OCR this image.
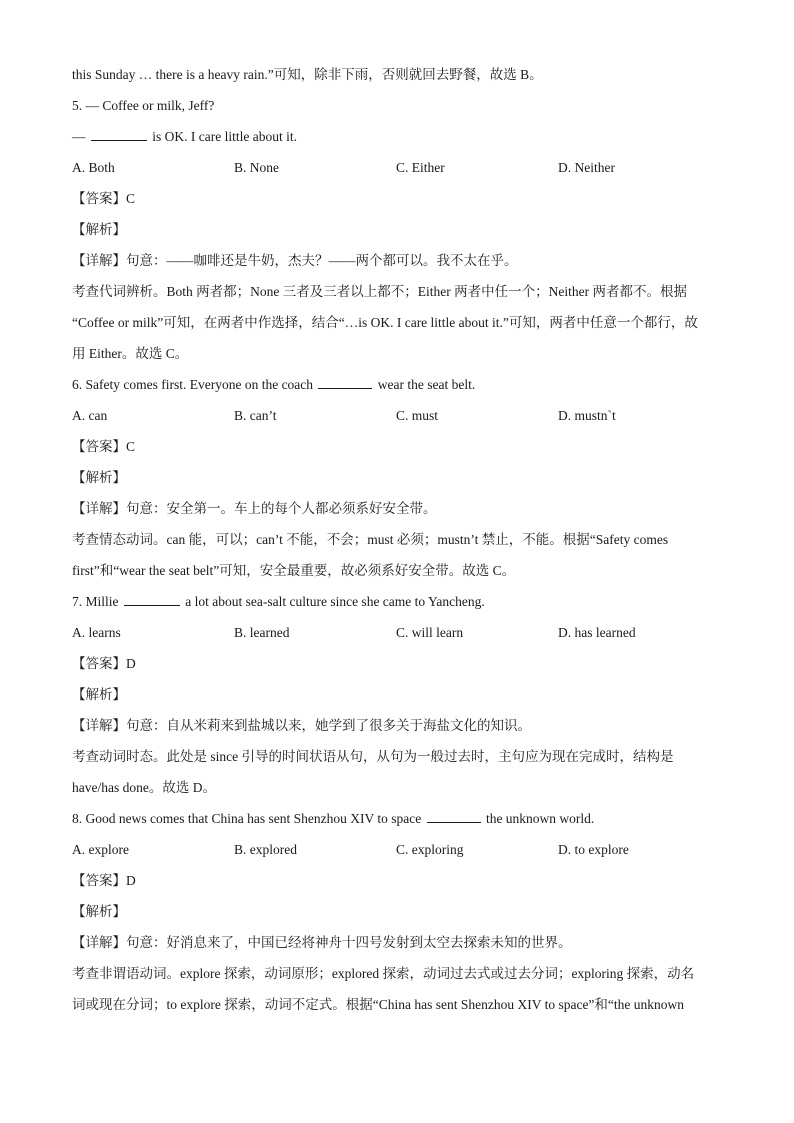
this Sunday … there is a heavy rain.”可知，除非下雨，否则就回去野餐，故选 B。
5. — Coffee or milk, Jeff?
—	is OK. I care little about it.
A. Both	B. None	C. Either	D. Neither
【答案】C
【解析】
【详解】句意：——咖啡还是牛奶，杰夫？——两个都可以。我不太在乎。
考查代词辨析。Both 两者都；None 三者及三者以上都不；Either 两者中任一个；Neither 两者都不。根据
“Coffee or milk”可知，在两者中作选择，结合“…is OK. I care little about it.”可知，两者中任意一个都行，故
用 Either。故选 C。
6. Safety comes first. Everyone on the coach	wear the seat belt.
A. can	B. can’t	C. must	D. mustn`t
【答案】C
【解析】
【详解】句意：安全第一。车上的每个人都必须系好安全带。
考查情态动词。can 能，可以；can’t 不能，不会；must 必须；mustn’t 禁止，不能。根据“Safety comes
first”和“wear the seat belt”可知，安全最重要，故必须系好安全带。故选 C。
7. Millie	a lot about sea-salt culture since she came to Yancheng.
A. learns	B. learned	C. will learn	D. has learned
【答案】D
【解析】
【详解】句意：自从米莉来到盐城以来，她学到了很多关于海盐文化的知识。
考查动词时态。此处是 since 引导的时间状语从句，从句为一般过去时，主句应为现在完成时，结构是
have/has done。故选 D。
8. Good news comes that China has sent Shenzhou XIV to space	the unknown world.
A. explore	B. explored	C. exploring	D. to explore
【答案】D
【解析】
【详解】句意：好消息来了，中国已经将神舟十四号发射到太空去探索未知的世界。
考查非谓语动词。explore 探索，动词原形；explored 探索，动词过去式或过去分词；exploring 探索，动名
词或现在分词；to explore 探索，动词不定式。根据“China has sent Shenzhou XIV to space”和“the unknown
